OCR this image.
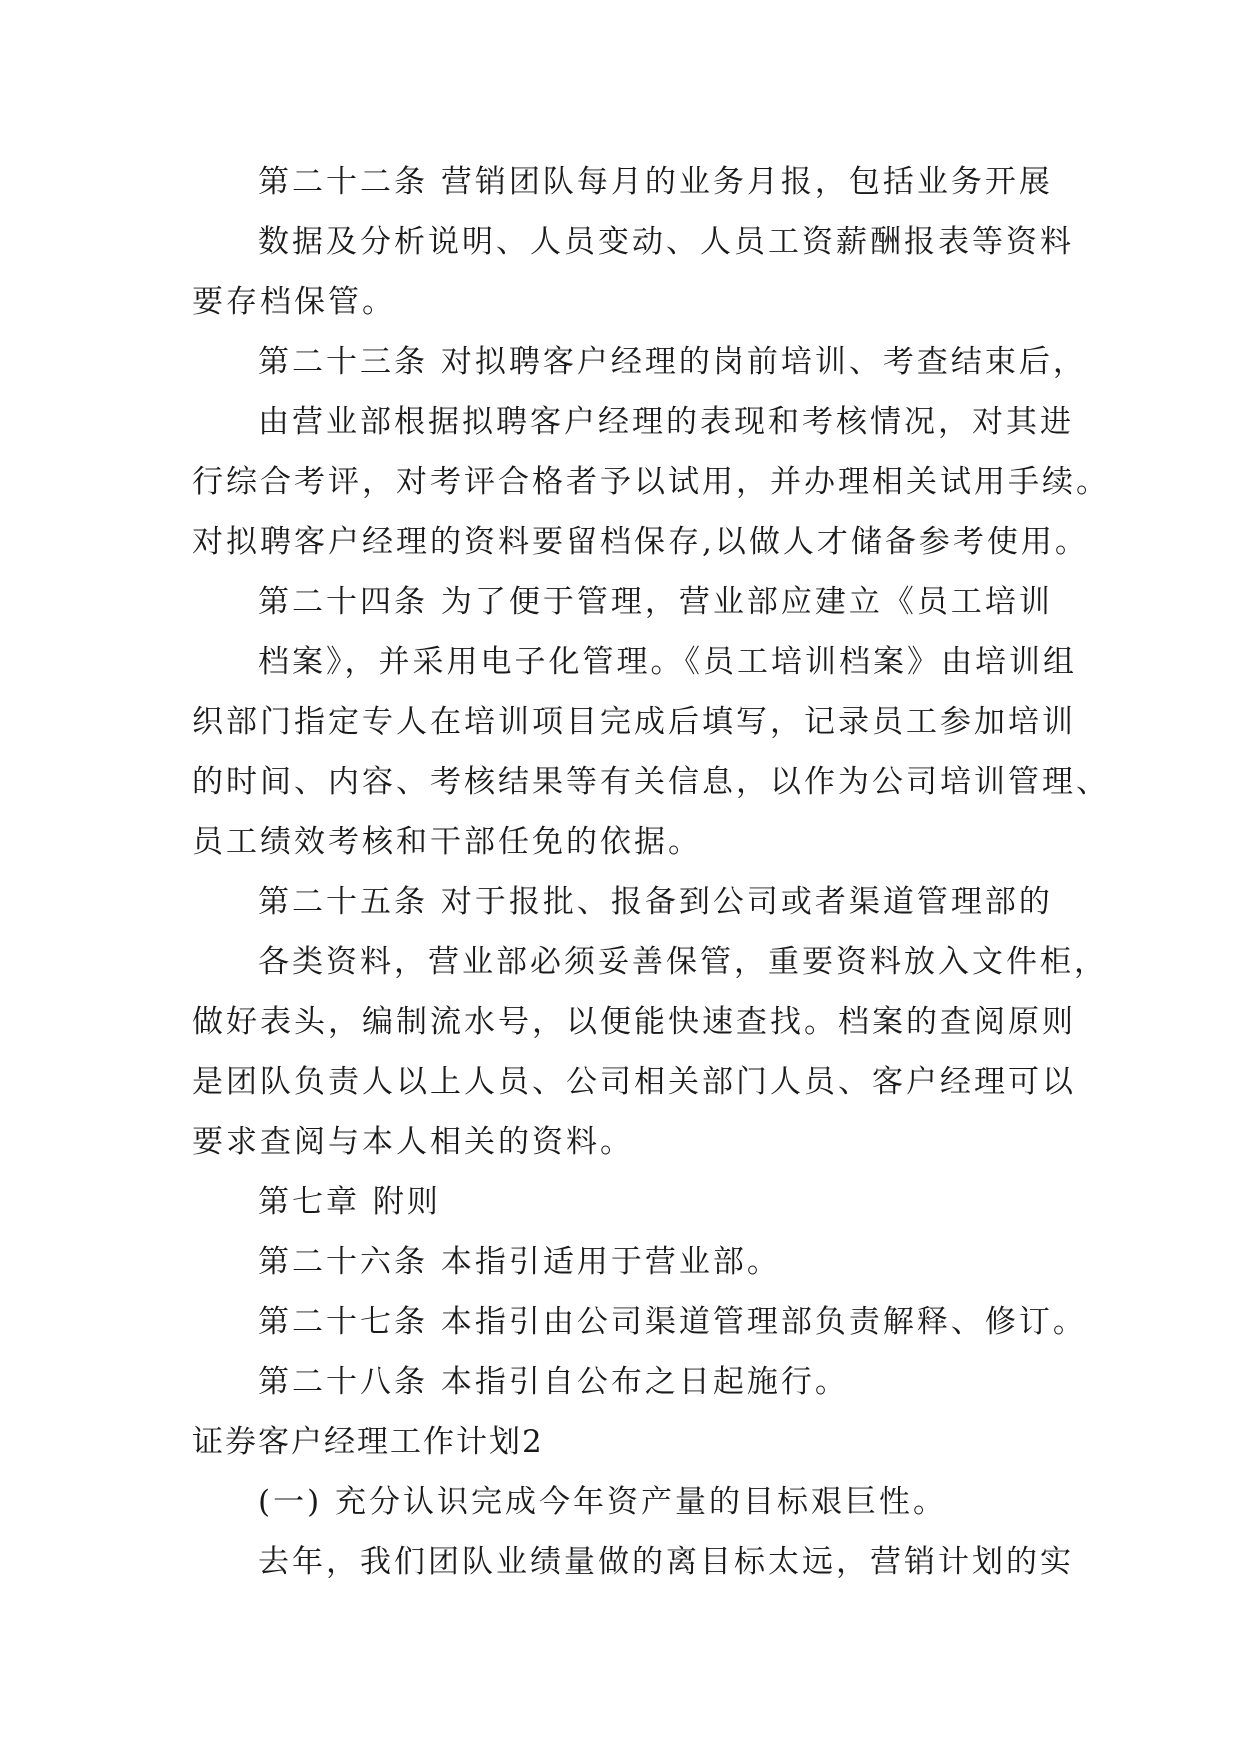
第二十二条 营销团队每月的业务月报，包括业务开展
数据及分析说明、人员变动、人员工资薪酬报表等资料
要存档保管。
第二十三条 对拟聘客户经理的岗前培训、考查结束后，
由营业部根据拟聘客户经理的表现和考核情况，对其进
行综合考评，对考评合格者予以试用，并办理相关试用手续。
对拟聘客户经理的资料要留档保存,以做人才储备参考使用。
第二十四条 为了便于管理，营业部应建立《员工培训
档案》，并采用电子化管理。《员工培训档案》由培训组
织部门指定专人在培训项目完成后填写，记录员工参加培训
的时间、内容、考核结果等有关信息，以作为公司培训管理、
员工绩效考核和干部任免的依据。
第二十五条 对于报批、报备到公司或者渠道管理部的
各类资料，营业部必须妥善保管，重要资料放入文件柜，
做好表头，编制流水号，以便能快速查找。档案的查阅原则
是团队负责人以上人员、公司相关部门人员、客户经理可以
要求查阅与本人相关的资料。
第七章 附则
第二十六条 本指引适用于营业部。
第二十七条 本指引由公司渠道管理部负责解释、修订。
第二十八条 本指引自公布之日起施行。
证券客户经理工作计划2
(一) 充分认识完成今年资产量的目标艰巨性。
去年，我们团队业绩量做的离目标太远，营销计划的实
